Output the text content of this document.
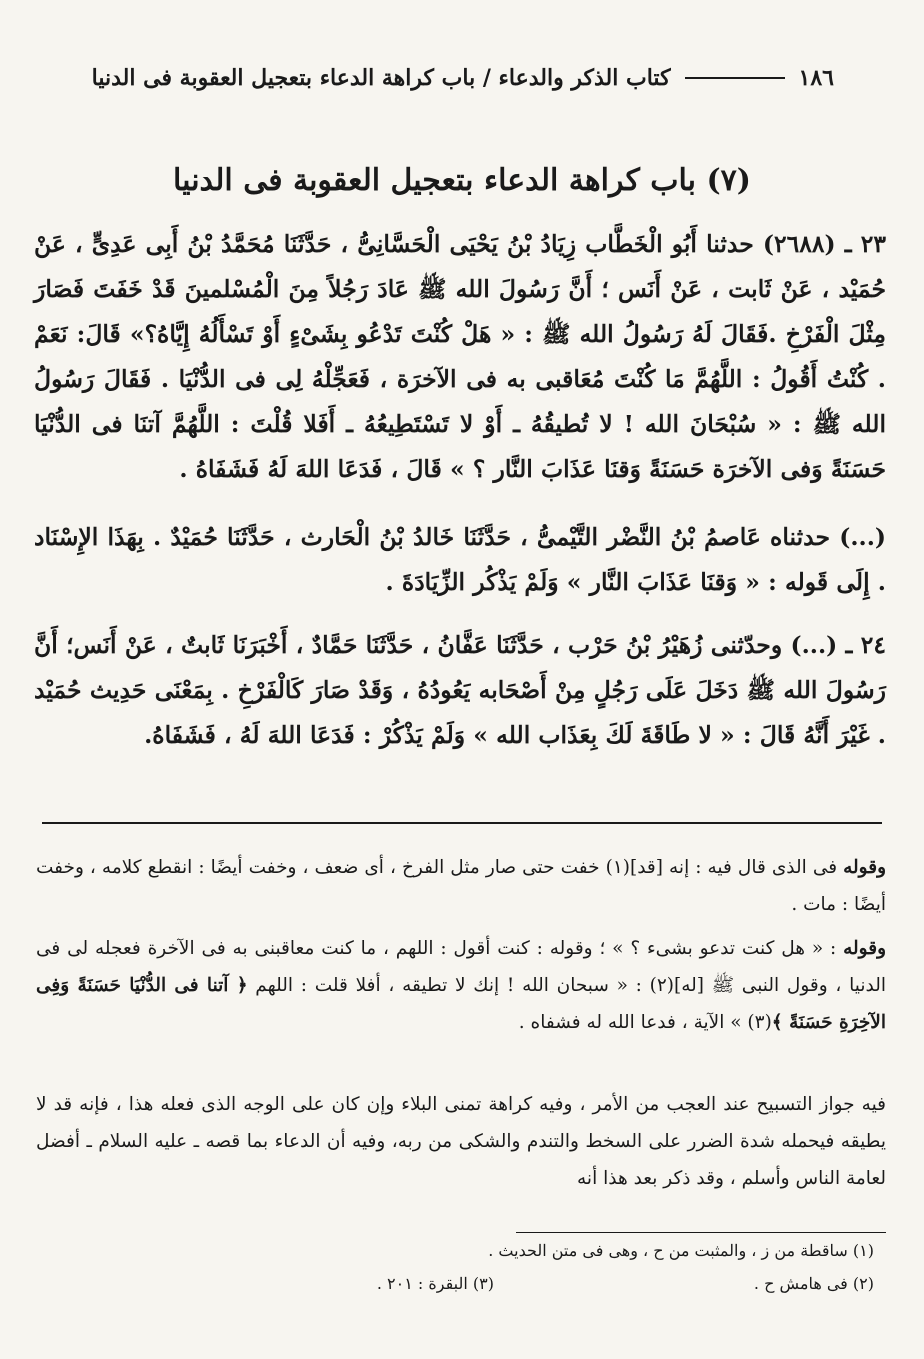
١٨٦
كتاب الذكر والدعاء / باب كراهة الدعاء بتعجيل العقوبة فى الدنيا
(٧) باب كراهة الدعاء بتعجيل العقوبة فى الدنيا
٢٣ ـ (٢٦٨٨) حدثنا أَبُو الْخَطَّاب زِيَادُ بْنُ يَحْيَى الْحَسَّانِىُّ ، حَدَّثَنَا مُحَمَّدُ بْنُ أَبِى عَدِىٍّ ، عَنْ حُمَيْد ، عَنْ ثَابت ، عَنْ أَنَس ؛ أَنَّ رَسُولَ الله ﷺ عَادَ رَجُلاً مِنَ الْمُسْلمينَ قَدْ خَفَتَ فَصَارَ مِثْلَ الْفَرْخِ .فَقَالَ لَهُ رَسُولُ الله ﷺ : « هَلْ كُنْتَ تَدْعُو بِشَىْءٍ أَوْ تَسْأَلُهُ إِيَّاهُ؟» قَالَ: نَعَمْ . كُنْتُ أَقُولُ : اللَّهُمَّ مَا كُنْتَ مُعَاقبى به فى الآخرَة ، فَعَجِّلْهُ لِى فى الدُّنْيَا . فَقَالَ رَسُولُ الله ﷺ : « سُبْحَانَ الله ! لا تُطيقُهُ ـ أَوْ لا تَسْتَطِيعُهُ ـ أَفَلا قُلْتَ : اللَّهُمَّ آتنَا فى الدُّنْيَا حَسَنَةً وَفى الآخرَة حَسَنَةً وَقنَا عَذَابَ النَّار ؟ » قَالَ ، فَدَعَا اللهَ لَهُ فَشَفَاهُ .
(...) حدثناه عَاصمُ بْنُ النَّضْر التَّيْمىُّ ، حَدَّثَنَا خَالدُ بْنُ الْحَارث ، حَدَّثَنَا حُمَيْدٌ . بِهَذَا الإِسْنَاد . إِلَى قَوله : « وَقنَا عَذَابَ النَّار » وَلَمْ يَذْكُر الزِّيَادَةَ .
٢٤ ـ (...) وحدّثنى زُهَيْرُ بْنُ حَرْب ، حَدَّثَنَا عَفَّانُ ، حَدَّثَنَا حَمَّادٌ ، أَخْبَرَنَا ثَابتٌ ، عَنْ أَنَس؛ أَنَّ رَسُولَ الله ﷺ دَخَلَ عَلَى رَجُلٍ مِنْ أَصْحَابه يَعُودُهُ ، وَقَدْ صَارَ كَالْفَرْخِ . بِمَعْنَى حَدِيث حُمَيْد . غَيْرَ أَنَّهُ قَالَ : « لا طَاقَةَ لَكَ بِعَذَاب الله » وَلَمْ يَذْكُرْ : فَدَعَا اللهَ لَهُ ، فَشَفَاهُ.
وقوله فى الذى قال فيه : إنه [قد](١) خفت حتى صار مثل الفرخ ، أى ضعف ، وخفت أيضًا : انقطع كلامه ، وخفت أيضًا : مات .
وقوله : « هل كنت تدعو بشىء ؟ » ؛ وقوله : كنت أقول : اللهم ، ما كنت معاقبنى به فى الآخرة فعجله لى فى الدنيا ، وقول النبى ﷺ [له](٢) : « سبحان الله ! إنك لا تطيقه ، أفلا قلت : اللهم ﴿ آتنا فى الدُّنْيَا حَسَنَةً وَفِى الآخِرَةِ حَسَنَةً ﴾(٣) » الآية ، فدعا الله له فشفاه .
فيه جواز التسبيح عند العجب من الأمر ، وفيه كراهة تمنى البلاء وإن كان على الوجه الذى فعله هذا ، فإنه قد لا يطيقه فيحمله شدة الضرر على السخط والتندم والشكى من ربه، وفيه أن الدعاء بما قصه ـ عليه السلام ـ أفضل لعامة الناس وأسلم ، وقد ذكر بعد هذا أنه
(١) ساقطة من ز ، والمثبت من ح ، وهى فى متن الحديث .
(٢) فى هامش ح .
(٣) البقرة : ٢٠١ .
